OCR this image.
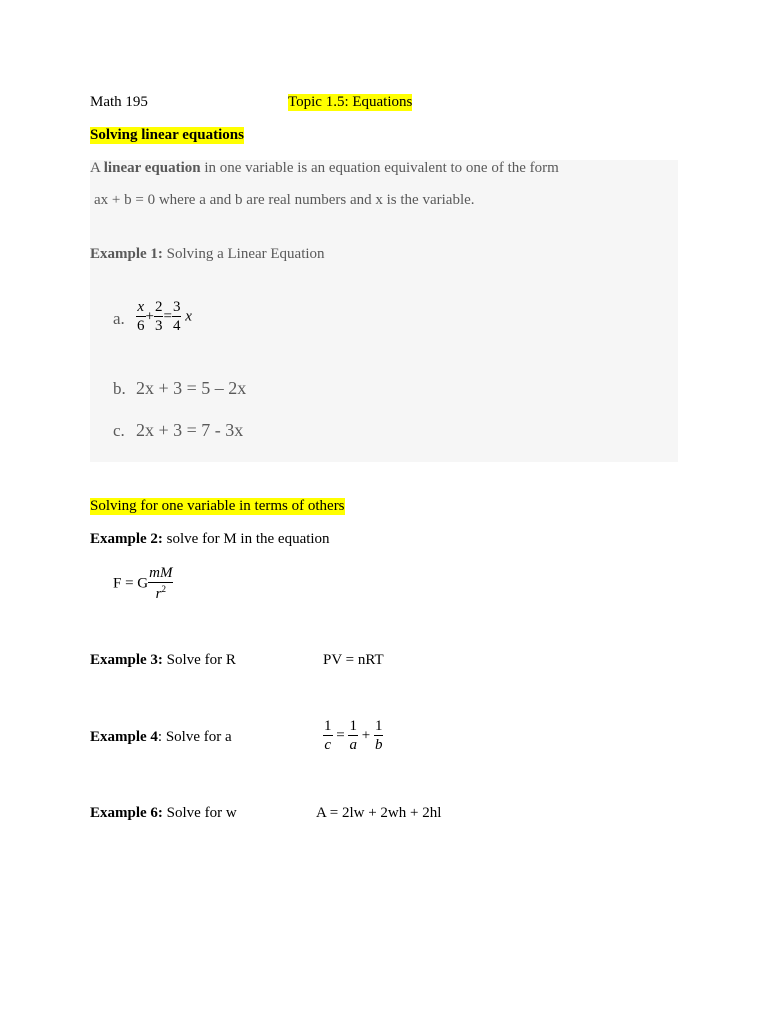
Math 195	Topic 1.5: Equations
Solving linear equations
A linear equation in one variable is an equation equivalent to one of the form
ax + b = 0 where a and b are real numbers and x is the variable.
Example 1: Solving a Linear Equation
a. $\frac{x}{6} + \frac{2}{3} = \frac{3}{4}$ x
b. 2x + 3 = 5 – 2x
c. 2x + 3 = 7 - 3x
Solving for one variable in terms of others
Example 2: solve for M in the equation
F = G $\frac{mM}{r^2}$
Example 3: Solve for R	PV = nRT
Example 4: Solve for a	$\frac{1}{c} = \frac{1}{a} + \frac{1}{b}$
Example 6: Solve for w	A = 2lw + 2wh + 2hl
